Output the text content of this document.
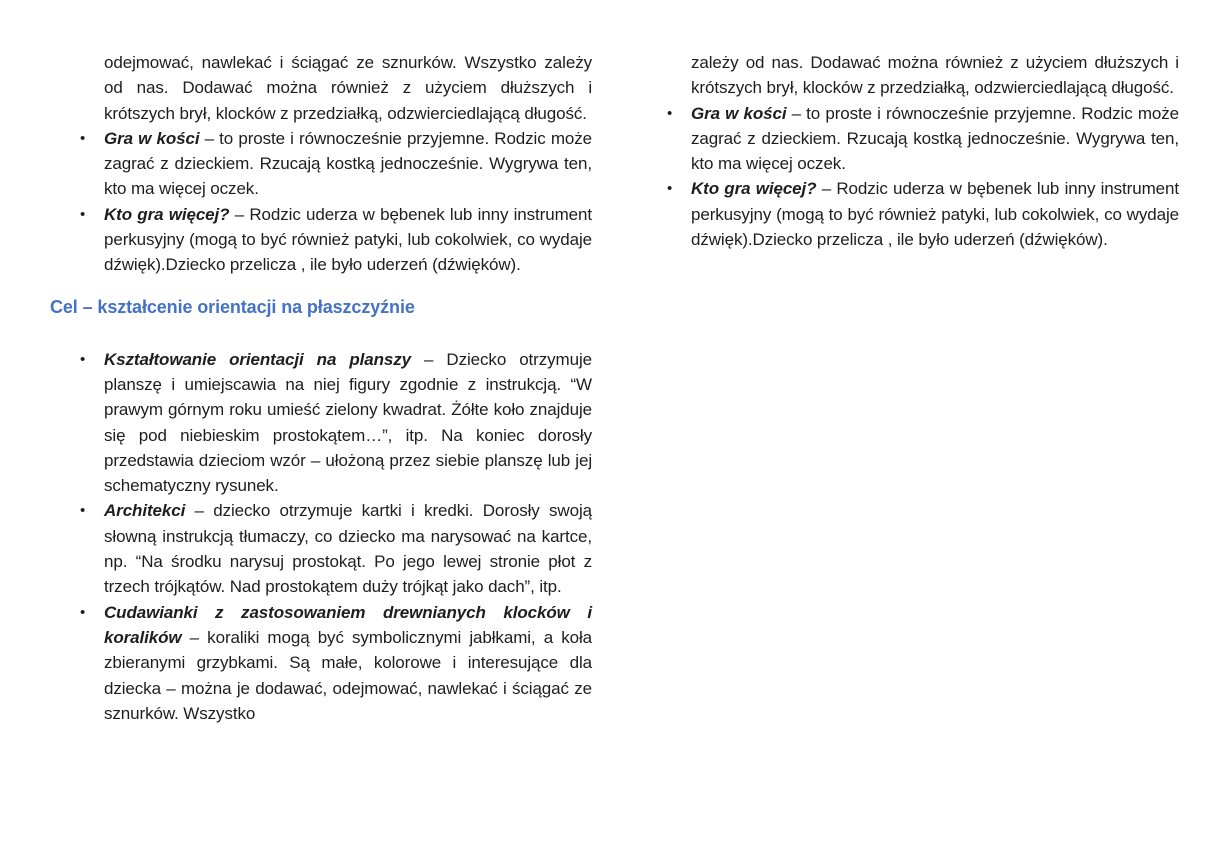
odejmować, nawlekać i ściągać ze sznurków. Wszystko zależy od nas. Dodawać można również z użyciem dłuższych i krótszych brył, klocków z przedziałką, odzwierciedlającą długość.

•
Gra w kości – to proste i równocześnie przyjemne. Rodzic może zagrać z dzieckiem. Rzucają kostką jednocześnie. Wygrywa ten, kto ma więcej oczek.
•
Kto gra więcej? – Rodzic uderza w bębenek lub inny instrument perkusyjny (mogą to być również patyki, lub cokolwiek, co wydaje dźwięk).Dziecko przelicza , ile było uderzeń (dźwięków).
Cel – kształcenie orientacji na płaszczyźnie
•
Kształtowanie orientacji na planszy – Dziecko otrzymuje planszę i umiejscawia na niej figury zgodnie z instrukcją. “W prawym górnym roku umieść zielony kwadrat. Żółte koło znajduje się pod niebieskim prostokątem…”, itp. Na koniec dorosły przedstawia dzieciom wzór – ułożoną przez siebie planszę lub jej schematyczny rysunek.
•
Architekci – dziecko otrzymuje kartki i kredki. Dorosły swoją słowną instrukcją tłumaczy, co dziecko ma narysować na kartce, np. “Na środku narysuj prostokąt. Po jego lewej stronie płot z trzech trójkątów. Nad prostokątem duży trójkąt jako dach”, itp.
•
Cudawianki z zastosowaniem drewnianych klocków i koralików – koraliki mogą być symbolicznymi jabłkami, a koła zbieranymi grzybkami. Są małe, kolorowe i interesujące dla dziecka – można je dodawać, odejmować, nawlekać i ściągać ze sznurków. Wszystko

zależy od nas. Dodawać można również z użyciem dłuższych i krótszych brył, klocków z przedziałką, odzwierciedlającą długość.

•
Gra w kości – to proste i równocześnie przyjemne. Rodzic może zagrać z dzieckiem. Rzucają kostką jednocześnie. Wygrywa ten, kto ma więcej oczek.
•
Kto gra więcej? – Rodzic uderza w bębenek lub inny instrument perkusyjny (mogą to być również patyki, lub cokolwiek, co wydaje dźwięk).Dziecko przelicza , ile było uderzeń (dźwięków).
